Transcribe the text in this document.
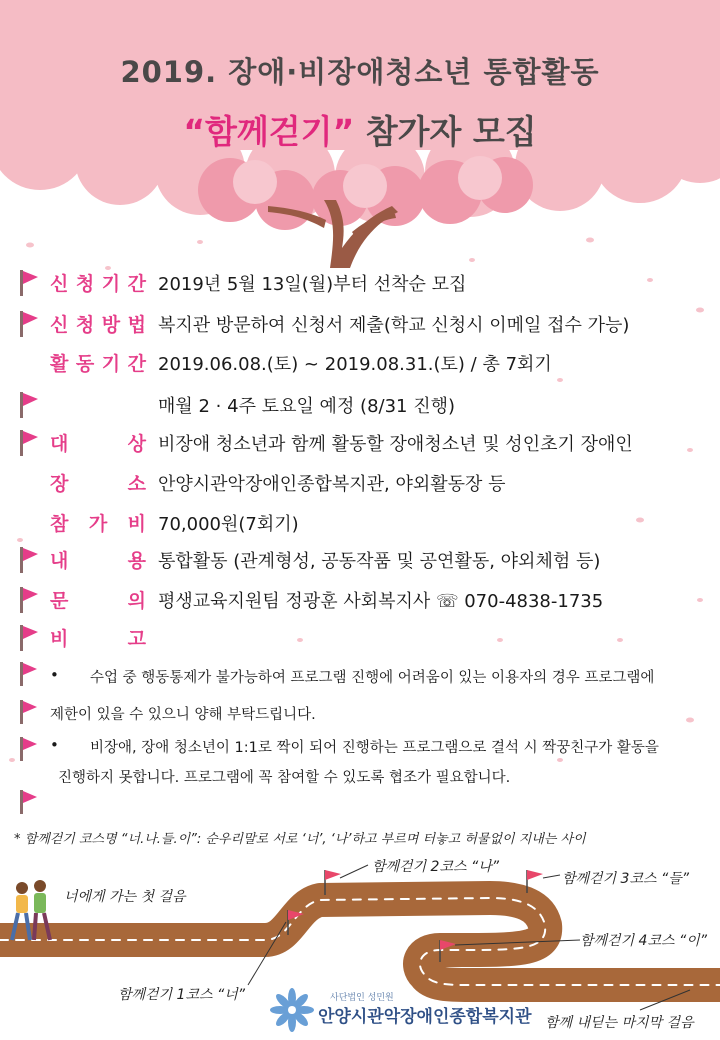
2019. 장애·비장애청소년 통합활동
“함께걷기” 참가자 모집
신 청 기 간 2019년 5월 13일(월)부터 선착순 모집
신 청 방 법 복지관 방문하여 신청서 제출(학교 신청시 이메일 접수 가능)
활 동 기 간 2019.06.08.(토) ~ 2019.08.31.(토) / 총 7회기
매월 2 · 4주 토요일 예정 (8/31 진행)
대	상 비장애 청소년과 함께 활동할 장애청소년 및 성인초기 장애인
장	소 안양시관악장애인종합복지관, 야외활동장 등
참 가 비 70,000원(7회기)
내	용 통합활동 (관계형성, 공동작품 및 공연활동, 야외체험 등)
문	의 평생교육지원팀 정광훈 사회복지사 ☏ 070-4838-1735
비	고
• 수업 중 행동통제가 불가능하여 프로그램 진행에 어려움이 있는 이용자의 경우 프로그램에
제한이 있을 수 있으니 양해 부탁드립니다.
• 비장애, 장애 청소년이 1:1로 짝이 되어 진행하는 프로그램으로 결석 시 짝꿍친구가 활동을
진행하지 못합니다. 프로그램에 꼭 참여할 수 있도록 협조가 필요합니다.
* 함께걷기 코스명 “너.나.들.이”: 순우리말로 서로 ‘너’, ‘나’하고 부르며 터놓고 허물없이 지내는 사이
너에게 가는 첫 걸음
함께걷기 1코스 “너”
함께걷기 2코스 “나”
함께걷기 3코스 “들”
함께걷기 4코스 “이”
함께 내딛는 마지막 걸음
사단법인 성민원
안양시관악장애인종합복지관
